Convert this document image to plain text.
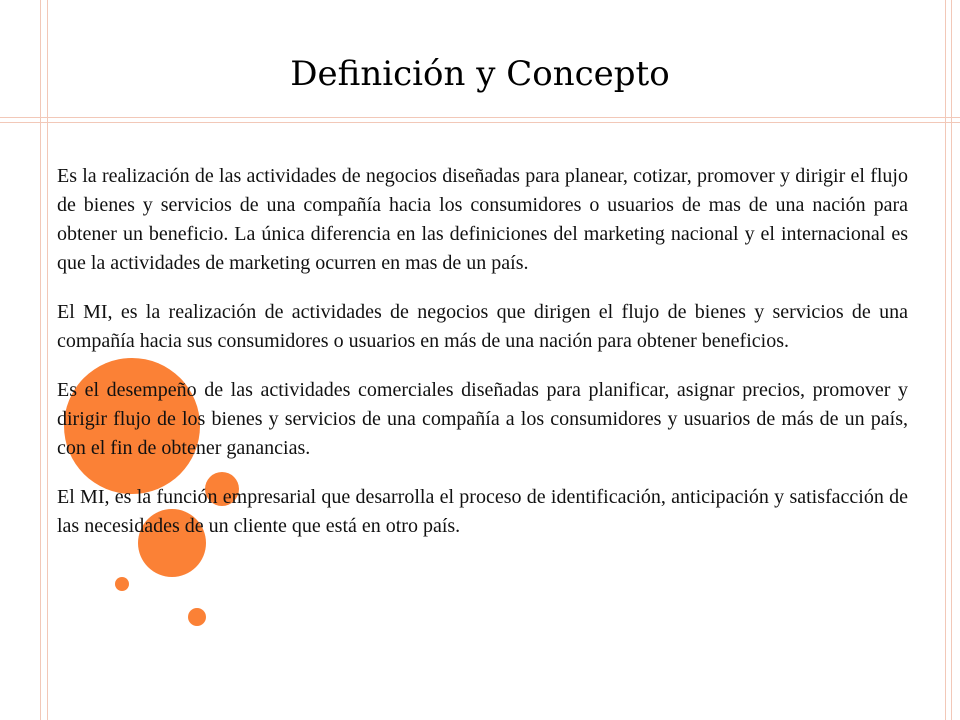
Definición y Concepto

Es la realización de las actividades de negocios diseñadas para planear, cotizar, promover y dirigir el flujo de bienes y servicios de una compañía hacia los consumidores o usuarios de mas de una nación para obtener un beneficio. La única diferencia en las definiciones del marketing nacional y el internacional es que la actividades de marketing ocurren en mas de un país.

El MI, es la realización de actividades de negocios que dirigen el flujo de bienes y servicios de una compañía hacia sus consumidores o usuarios en más de una nación para obtener beneficios.

Es el desempeño de las actividades comerciales diseñadas para planificar, asignar precios, promover y dirigir flujo de los bienes y servicios de una compañía a los consumidores y usuarios de más de un país, con el fin de obtener ganancias.

El MI, es la función empresarial que desarrolla el proceso de identificación, anticipación y satisfacción de las necesidades de un cliente que está en otro país.
